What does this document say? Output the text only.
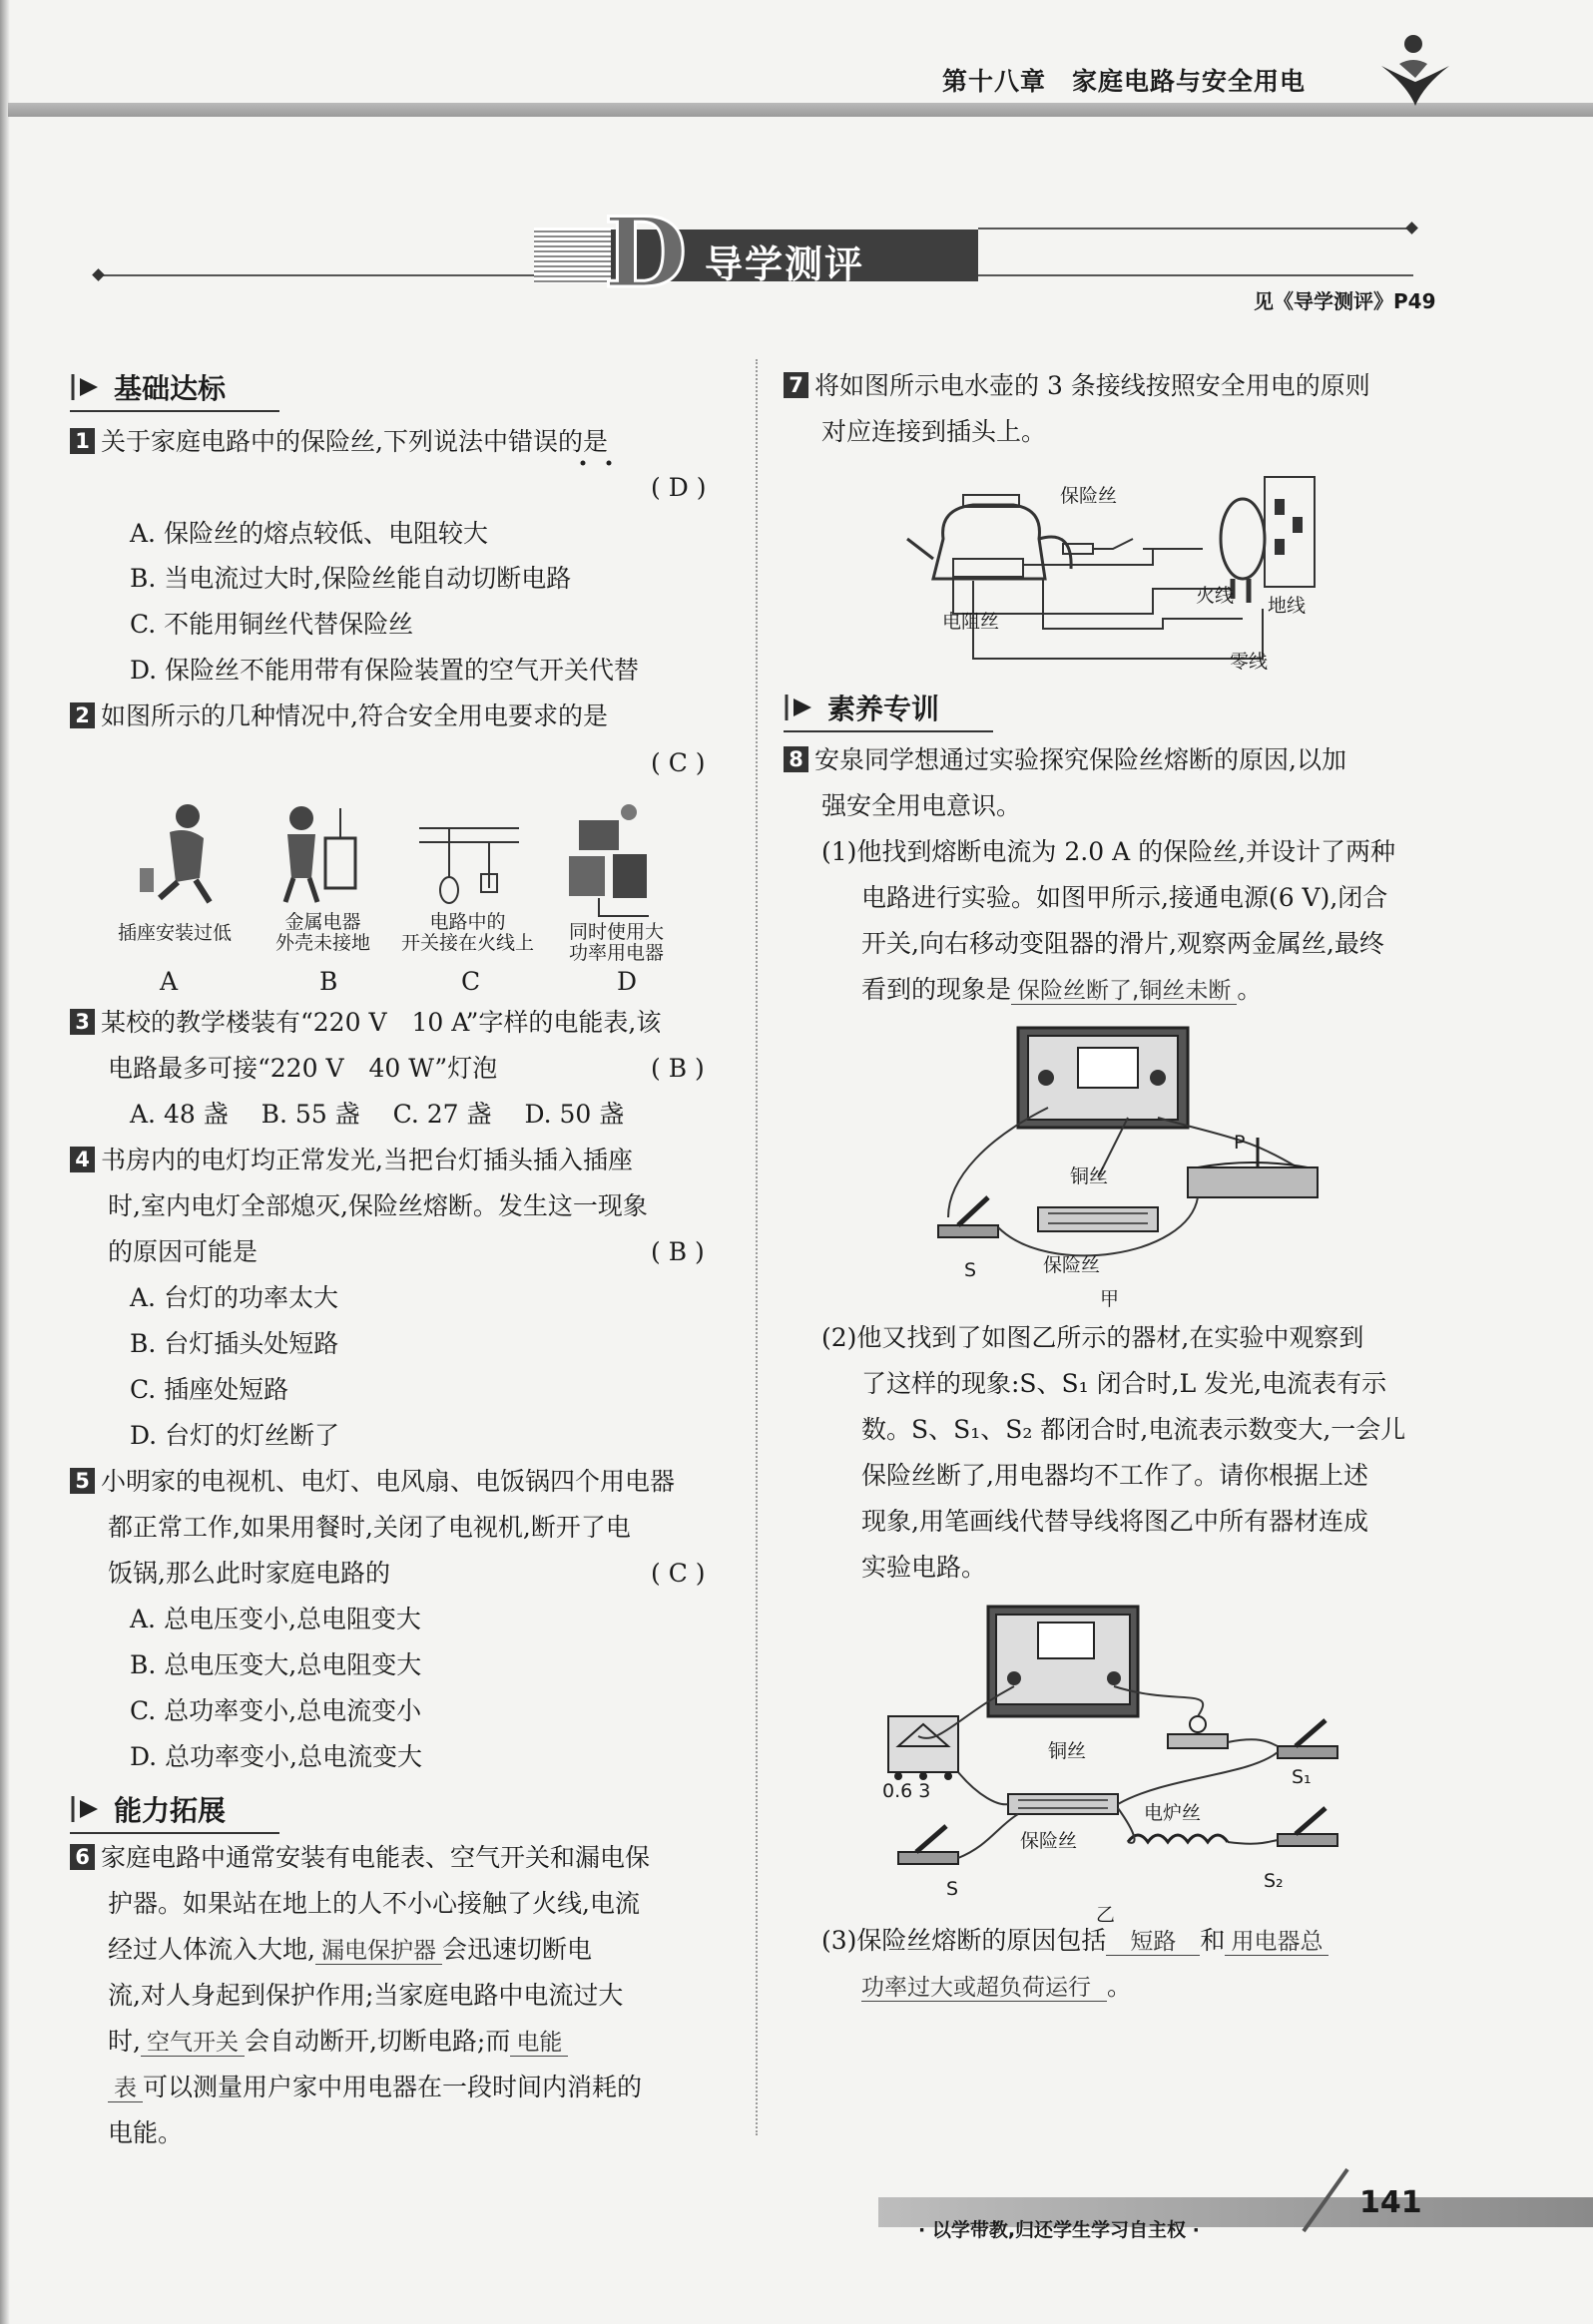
第十八章　家庭电路与安全用电
D 导学测评
见《导学测评》P49
基础达标
1 关于家庭电路中的保险丝,下列说法中错误的是
( D )
A. 保险丝的熔点较低、电阻较大
B. 当电流过大时,保险丝能自动切断电路
C. 不能用铜丝代替保险丝
D. 保险丝不能用带有保险装置的空气开关代替
2 如图所示的几种情况中,符合安全用电要求的是
( C )
插座安装过低	金属电器
外壳未接地
电路中的
开关接在火线上 同时使用大
功率用电器
A	B	C	D
3 某校的教学楼装有“220 V　10 A”字样的电能表,该
电路最多可接“220 V　40 W”灯泡	( B )
A. 48 盏　 B. 55 盏　 C. 27 盏　 D. 50 盏
4 书房内的电灯均正常发光,当把台灯插头插入插座
时,室内电灯全部熄灭,保险丝熔断。发生这一现象
的原因可能是	( B )
A. 台灯的功率太大
B. 台灯插头处短路
C. 插座处短路
D. 台灯的灯丝断了
5 小明家的电视机、电灯、电风扇、电饭锅四个用电器
都正常工作,如果用餐时,关闭了电视机,断开了电
饭锅,那么此时家庭电路的	( C )
A. 总电压变小,总电阻变大
B. 总电压变大,总电阻变大
C. 总功率变小,总电流变小
D. 总功率变小,总电流变大
能力拓展
6 家庭电路中通常安装有电能表、空气开关和漏电保
护器。如果站在地上的人不小心接触了火线,电流
经过人体流入大地, 漏电保护器 会迅速切断电
流,对人身起到保护作用;当家庭电路中电流过大
时, 空气开关 会自动断开,切断电路;而 电能
表 可以测量用户家中用电器在一段时间内消耗的
电能。
7 将如图所示电水壶的 3 条接线按照安全用电的原则
对应连接到插头上。
保险丝
电阻丝
火线 地线
零线
素养专训
8 安泉同学想通过实验探究保险丝熔断的原因,以加
强安全用电意识。
(1)他找到熔断电流为 2.0 A 的保险丝,并设计了两种
电路进行实验。如图甲所示,接通电源(6 V),闭合
开关,向右移动变阻器的滑片,观察两金属丝,最终
看到的现象是 保险丝断了,铜丝未断 。
铜丝
保险丝
S
P
甲
(2)他又找到了如图乙所示的器材,在实验中观察到
了这样的现象:S、S₁ 闭合时,L 发光,电流表有示
数。S、S₁、S₂ 都闭合时,电流表示数变大,一会儿
保险丝断了,用电器均不工作了。请你根据上述
现象,用笔画线代替导线将图乙中所有器材连成
实验电路。
铜丝
保险丝
电炉丝
S
S₁
S₂
乙
0.6 3
(3)保险丝熔断的原因包括 短路 和 用电器总
功率过大或超负荷运行 。
· 以学带教,归还学生学习自主权 ·
141
